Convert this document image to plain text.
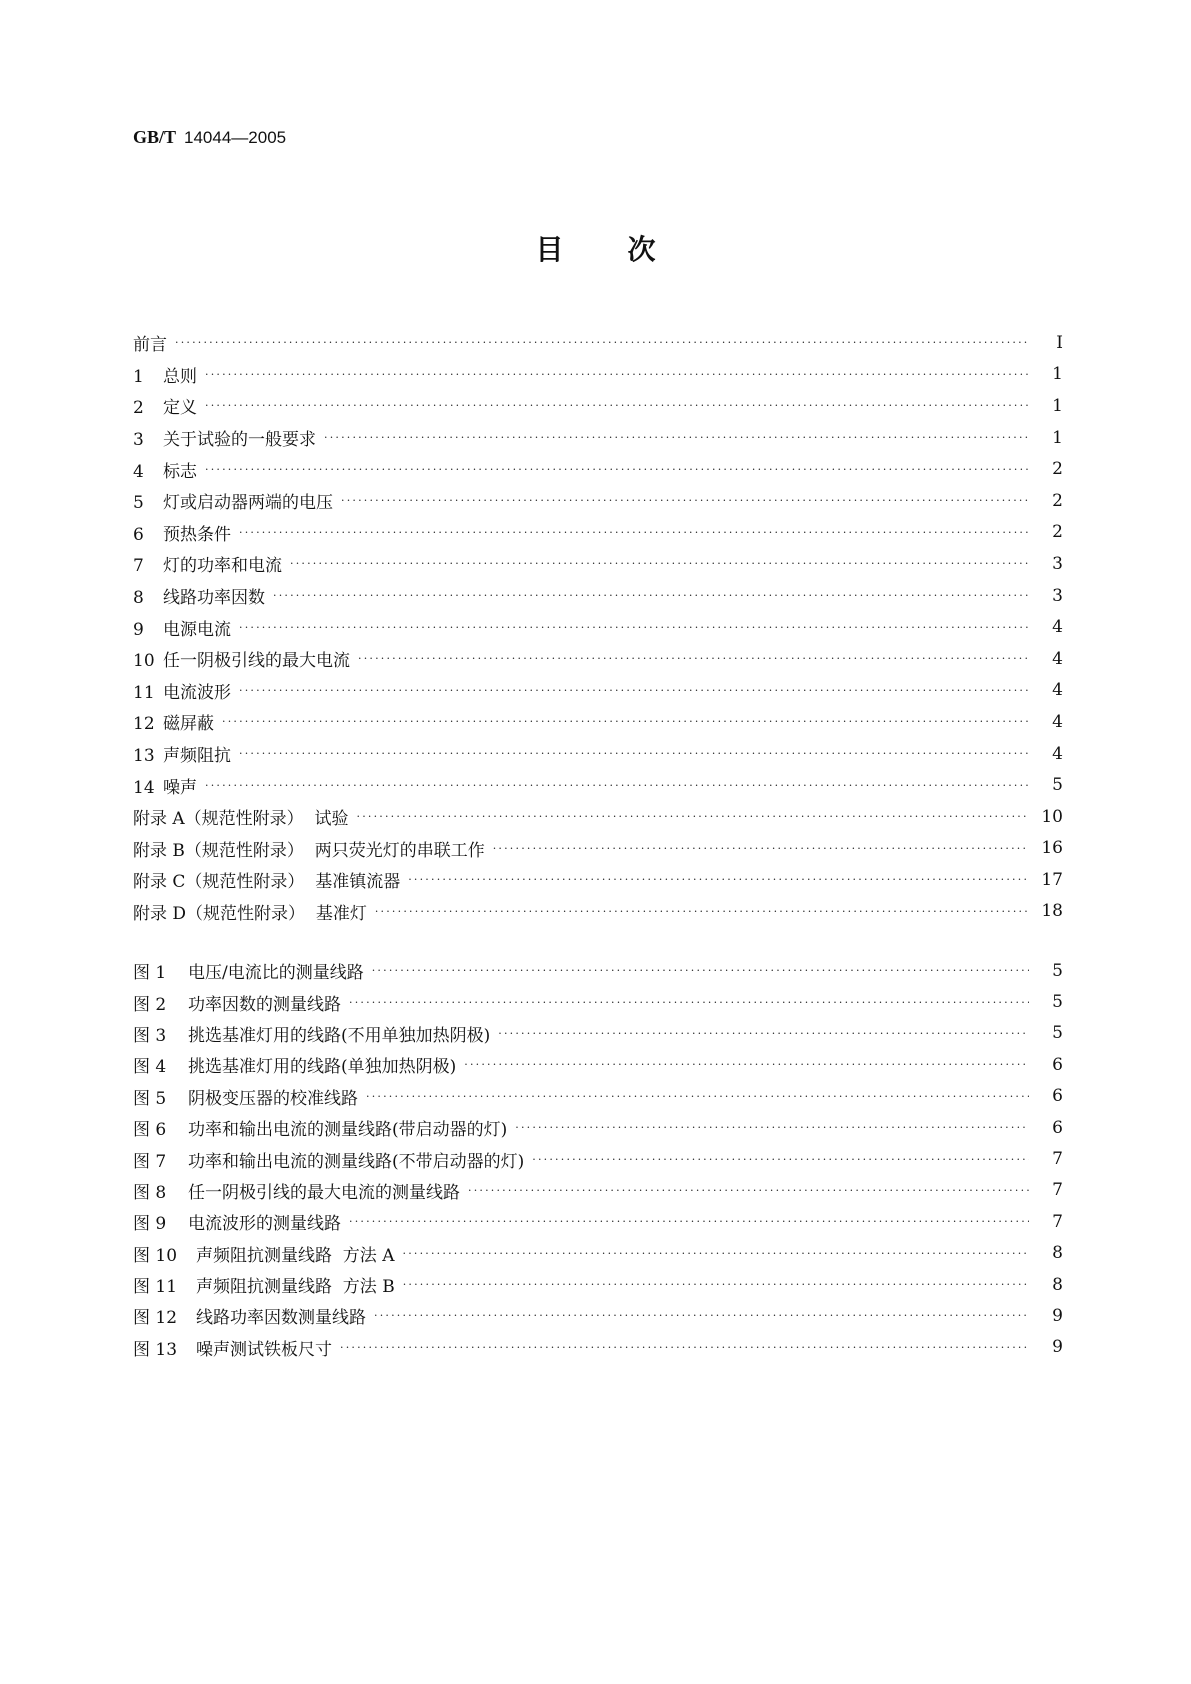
GB/T 14044—2005
目 次
前言 ·····	I
1 总则 ·····	1
2 定义 ·····	1
3 关于试验的一般要求 ·····	1
4 标志 ·····	2
5 灯或启动器两端的电压 ·····	2
6 预热条件 ·····	2
7 灯的功率和电流 ·····	3
8 线路功率因数 ·····	3
9 电源电流 ·····	4
10 任一阴极引线的最大电流 ·····	4
11 电流波形 ·····	4
12 磁屏蔽 ·····	4
13 声频阻抗 ·····	4
14 噪声 ·····	5
附录 A（规范性附录）  试验 ·····	10
附录 B（规范性附录）  两只荧光灯的串联工作 ·····	16
附录 C（规范性附录）  基准镇流器 ·····	17
附录 D（规范性附录）  基准灯 ·····	18
图 1 电压/电流比的测量线路 ·····	5
图 2 功率因数的测量线路 ·····	5
图 3 挑选基准灯用的线路(不用单独加热阴极) ·····	5
图 4 挑选基准灯用的线路(单独加热阴极) ·····	6
图 5 阴极变压器的校准线路 ·····	6
图 6 功率和输出电流的测量线路(带启动器的灯) ·····	6
图 7 功率和输出电流的测量线路(不带启动器的灯) ·····	7
图 8 任一阴极引线的最大电流的测量线路 ·····	7
图 9 电流波形的测量线路 ·····	7
图 10 声频阻抗测量线路  方法 A ·····	8
图 11 声频阻抗测量线路  方法 B ·····	8
图 12 线路功率因数测量线路 ·····	9
图 13 噪声测试铁板尺寸 ·····	9
